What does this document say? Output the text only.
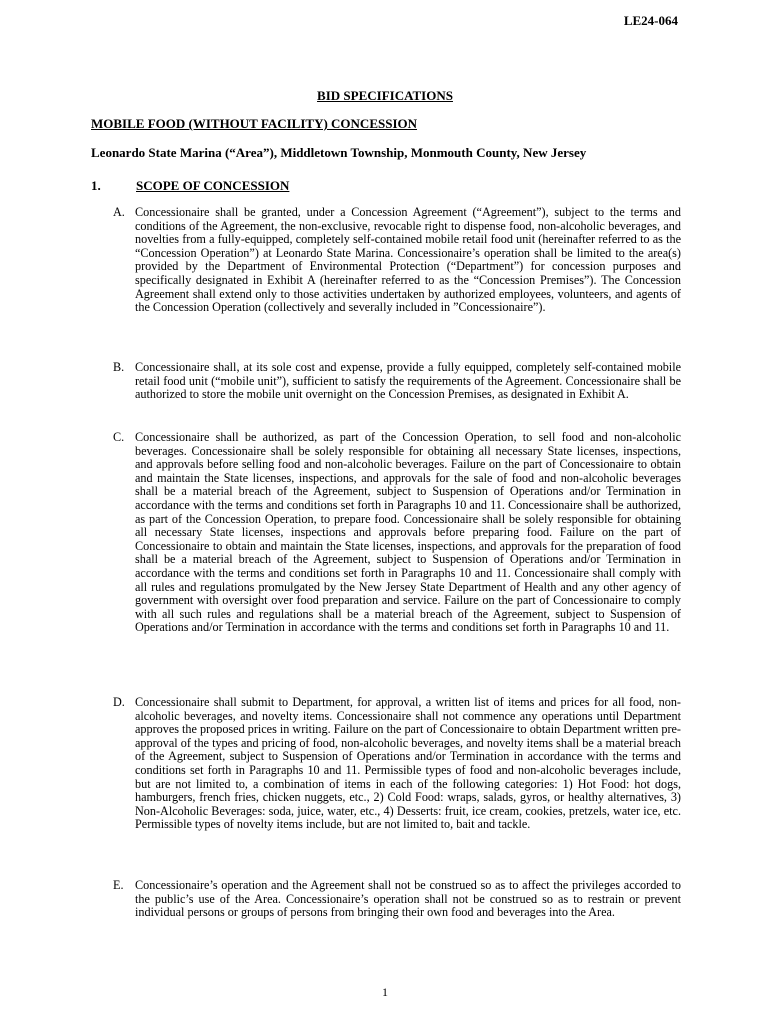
LE24-064
BID SPECIFICATIONS
MOBILE FOOD (WITHOUT FACILITY) CONCESSION
Leonardo State Marina (“Area”), Middletown Township, Monmouth County, New Jersey
1.	SCOPE OF CONCESSION
A. Concessionaire shall be granted, under a Concession Agreement (“Agreement”), subject to the terms and conditions of the Agreement, the non-exclusive, revocable right to dispense food, non-alcoholic beverages, and novelties from a fully-equipped, completely self-contained mobile retail food unit (hereinafter referred to as the “Concession Operation”) at Leonardo State Marina. Concessionaire’s operation shall be limited to the area(s) provided by the Department of Environmental Protection (“Department”) for concession purposes and specifically designated in Exhibit A (hereinafter referred to as the “Concession Premises”). The Concession Agreement shall extend only to those activities undertaken by authorized employees, volunteers, and agents of the Concession Operation (collectively and severally included in ”Concessionaire”).
B. Concessionaire shall, at its sole cost and expense, provide a fully equipped, completely self-contained mobile retail food unit (“mobile unit”), sufficient to satisfy the requirements of the Agreement. Concessionaire shall be authorized to store the mobile unit overnight on the Concession Premises, as designated in Exhibit A.
C. Concessionaire shall be authorized, as part of the Concession Operation, to sell food and non-alcoholic beverages. Concessionaire shall be solely responsible for obtaining all necessary State licenses, inspections, and approvals before selling food and non-alcoholic beverages. Failure on the part of Concessionaire to obtain and maintain the State licenses, inspections, and approvals for the sale of food and non-alcoholic beverages shall be a material breach of the Agreement, subject to Suspension of Operations and/or Termination in accordance with the terms and conditions set forth in Paragraphs 10 and 11. Concessionaire shall be authorized, as part of the Concession Operation, to prepare food. Concessionaire shall be solely responsible for obtaining all necessary State licenses, inspections and approvals before preparing food. Failure on the part of Concessionaire to obtain and maintain the State licenses, inspections, and approvals for the preparation of food shall be a material breach of the Agreement, subject to Suspension of Operations and/or Termination in accordance with the terms and conditions set forth in Paragraphs 10 and 11. Concessionaire shall comply with all rules and regulations promulgated by the New Jersey State Department of Health and any other agency of government with oversight over food preparation and service. Failure on the part of Concessionaire to comply with all such rules and regulations shall be a material breach of the Agreement, subject to Suspension of Operations and/or Termination in accordance with the terms and conditions set forth in Paragraphs 10 and 11.
D. Concessionaire shall submit to Department, for approval, a written list of items and prices for all food, non-alcoholic beverages, and novelty items. Concessionaire shall not commence any operations until Department approves the proposed prices in writing. Failure on the part of Concessionaire to obtain Department written pre-approval of the types and pricing of food, non-alcoholic beverages, and novelty items shall be a material breach of the Agreement, subject to Suspension of Operations and/or Termination in accordance with the terms and conditions set forth in Paragraphs 10 and 11. Permissible types of food and non-alcoholic beverages include, but are not limited to, a combination of items in each of the following categories: 1) Hot Food: hot dogs, hamburgers, french fries, chicken nuggets, etc., 2) Cold Food: wraps, salads, gyros, or healthy alternatives, 3) Non-Alcoholic Beverages: soda, juice, water, etc., 4) Desserts: fruit, ice cream, cookies, pretzels, water ice, etc. Permissible types of novelty items include, but are not limited to, bait and tackle.
E. Concessionaire’s operation and the Agreement shall not be construed so as to affect the privileges accorded to the public’s use of the Area. Concessionaire’s operation shall not be construed so as to restrain or prevent individual persons or groups of persons from bringing their own food and beverages into the Area.
1
